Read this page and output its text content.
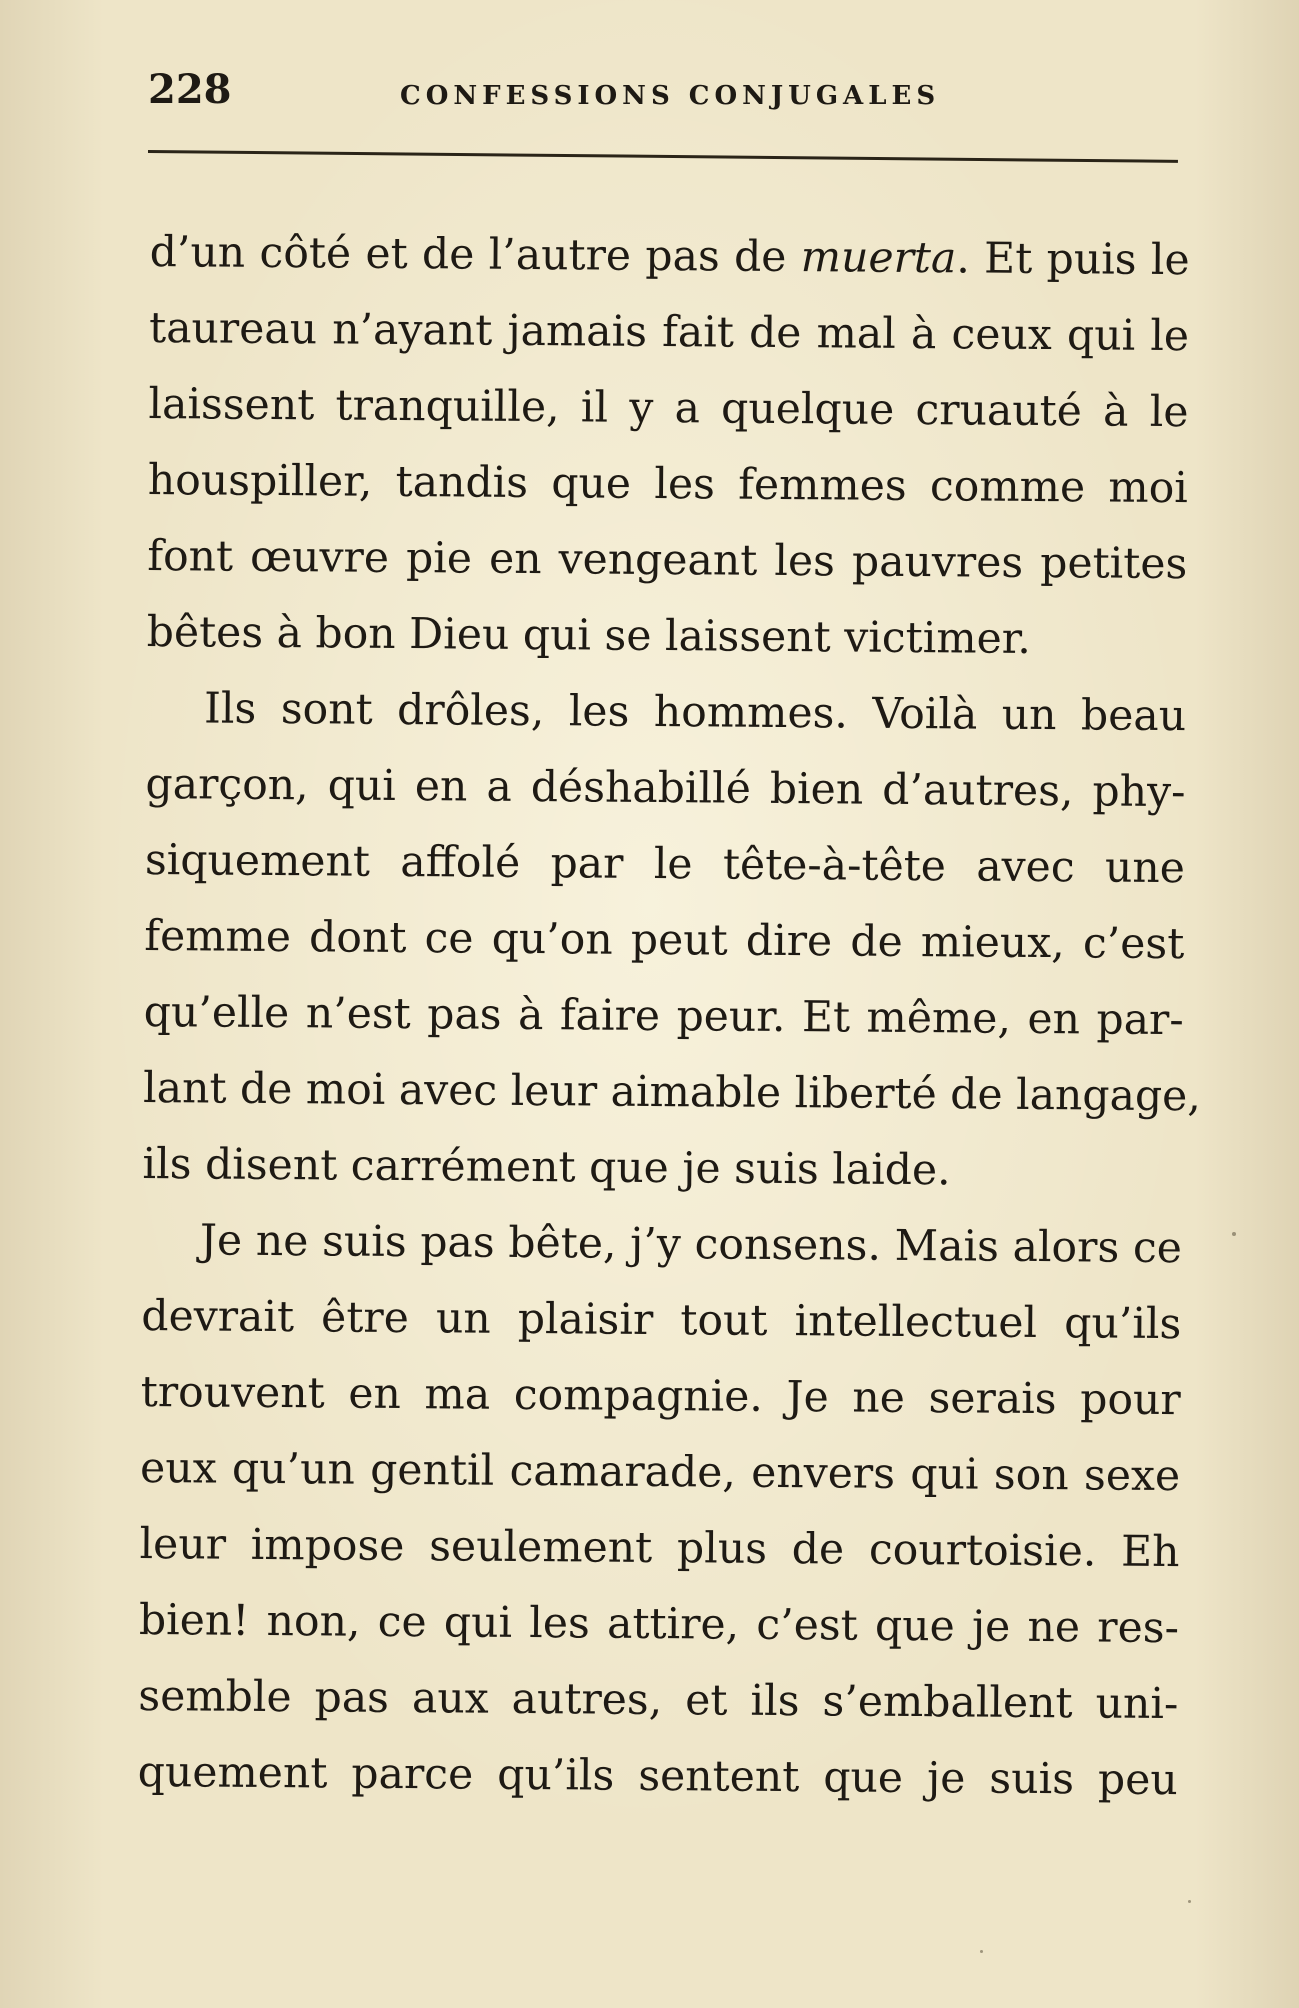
228	CONFESSIONS CONJUGALES
d’un côté et de l’autre pas de muerta. Et puis le
taureau n’ayant jamais fait de mal à ceux qui le
laissent tranquille, il y a quelque cruauté à le
houspiller, tandis que les femmes comme moi
font œuvre pie en vengeant les pauvres petites
bêtes à bon Dieu qui se laissent victimer.
Ils sont drôles, les hommes. Voilà un beau
garçon, qui en a déshabillé bien d’autres, phy-
siquement affolé par le tête-à-tête avec une
femme dont ce qu’on peut dire de mieux, c’est
qu’elle n’est pas à faire peur. Et même, en par-
lant de moi avec leur aimable liberté de langage,
ils disent carrément que je suis laide.
Je ne suis pas bête, j’y consens. Mais alors ce
devrait être un plaisir tout intellectuel qu’ils
trouvent en ma compagnie. Je ne serais pour
eux qu’un gentil camarade, envers qui son sexe
leur impose seulement plus de courtoisie. Eh
bien! non, ce qui les attire, c’est que je ne res-
semble pas aux autres, et ils s’emballent uni-
quement parce qu’ils sentent que je suis peu
